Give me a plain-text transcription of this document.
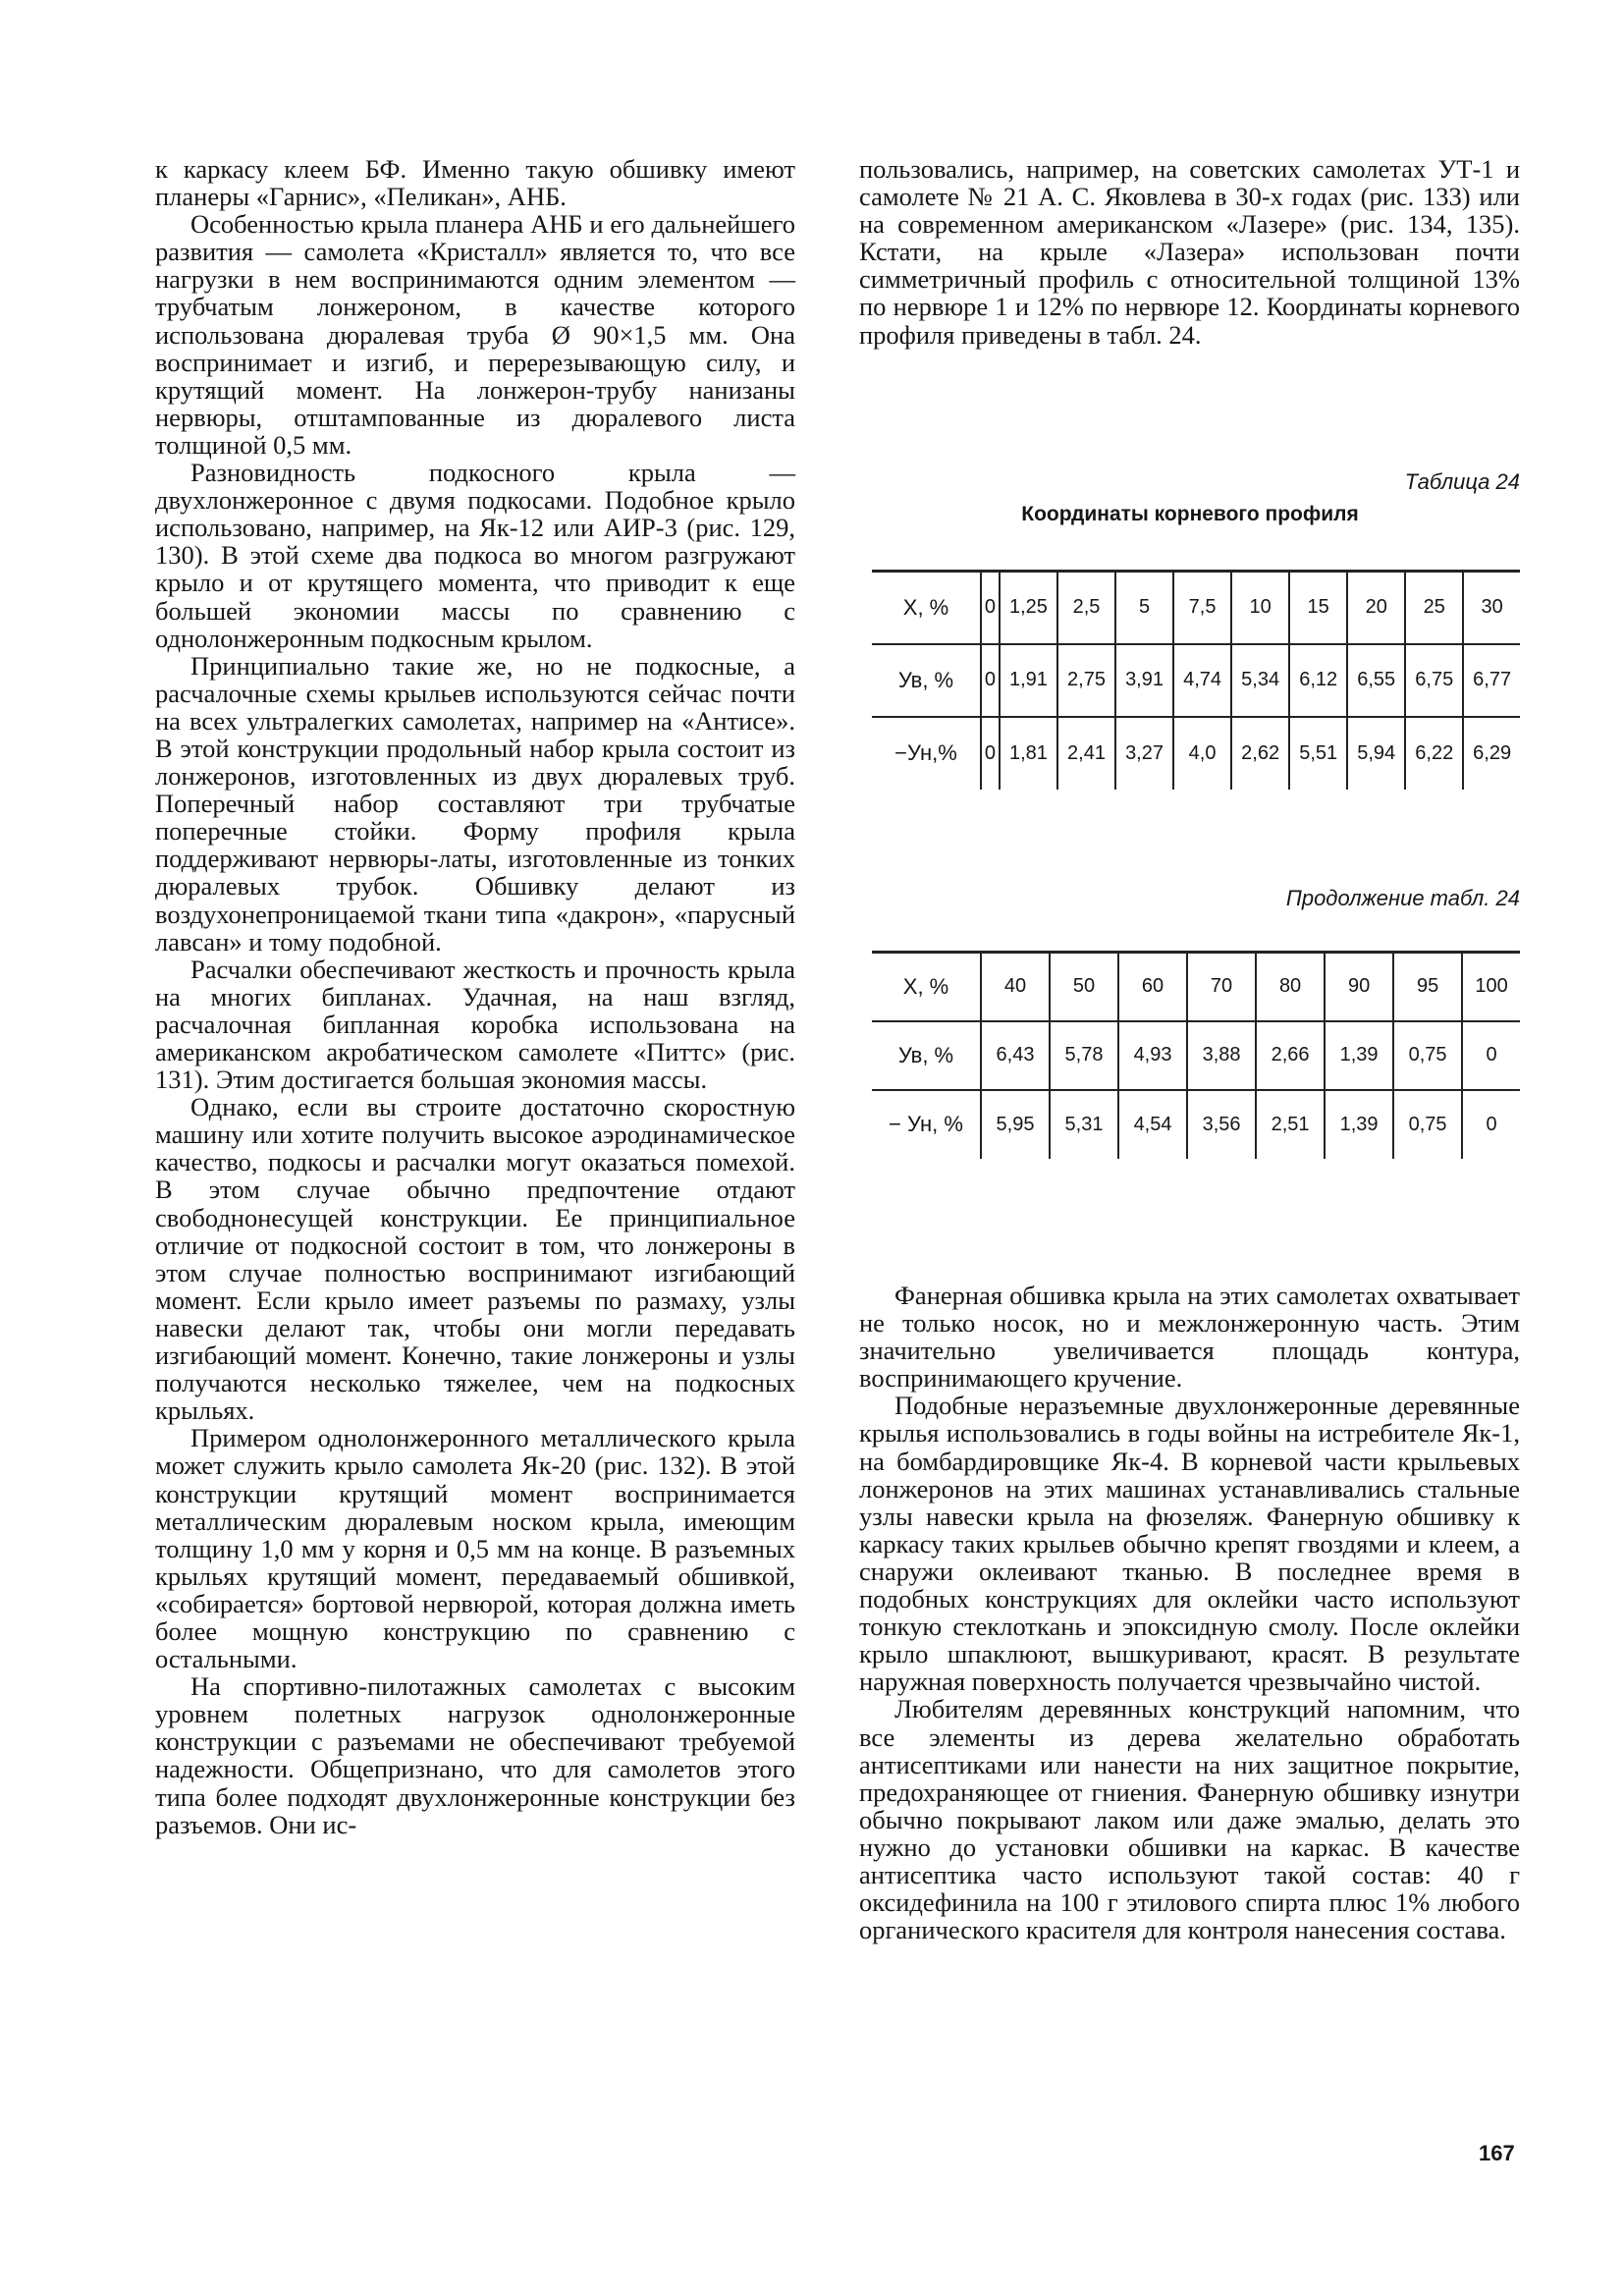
к каркасу клеем БФ. Именно такую обшивку имеют планеры «Гарнис», «Пеликан», АНБ.

Особенностью крыла планера АНБ и его дальнейшего развития — самолета «Кристалл» является то, что все нагрузки в нем воспринимаются одним элементом — трубчатым лонжероном, в качестве которого использована дюралевая труба Ø 90×1,5 мм. Она воспринимает и изгиб, и перерезывающую силу, и крутящий момент. На лонжерон-трубу нанизаны нервюры, отштампованные из дюралевого листа толщиной 0,5 мм.

Разновидность подкосного крыла — двухлонжеронное с двумя подкосами. Подобное крыло использовано, например, на Як-12 или АИР-3 (рис. 129, 130). В этой схеме два подкоса во многом разгружают крыло и от крутящего момента, что приводит к еще большей экономии массы по сравнению с однолонжеронным подкосным крылом.

Принципиально такие же, но не подкосные, а расчалочные схемы крыльев используются сейчас почти на всех ультралегких самолетах, например на «Антисе». В этой конструкции продольный набор крыла состоит из лонжеронов, изготовленных из двух дюралевых труб. Поперечный набор составляют три трубчатые поперечные стойки. Форму профиля крыла поддерживают нервюры-латы, изготовленные из тонких дюралевых трубок. Обшивку делают из воздухонепроницаемой ткани типа «дакрон», «парусный лавсан» и тому подобной.

Расчалки обеспечивают жесткость и прочность крыла на многих бипланах. Удачная, на наш взгляд, расчалочная бипланная коробка использована на американском акробатическом самолете «Питтс» (рис. 131). Этим достигается большая экономия массы.

Однако, если вы строите достаточно скоростную машину или хотите получить высокое аэродинамическое качество, подкосы и расчалки могут оказаться помехой. В этом случае обычно предпочтение отдают свободнонесущей конструкции. Ее принципиальное отличие от подкосной состоит в том, что лонжероны в этом случае полностью воспринимают изгибающий момент. Если крыло имеет разъемы по размаху, узлы навески делают так, чтобы они могли передавать изгибающий момент. Конечно, такие лонжероны и узлы получаются несколько тяжелее, чем на подкосных крыльях.

Примером однолонжеронного металлического крыла может служить крыло самолета Як-20 (рис. 132). В этой конструкции крутящий момент воспринимается металлическим дюралевым носком крыла, имеющим толщину 1,0 мм у корня и 0,5 мм на конце. В разъемных крыльях крутящий момент, передаваемый обшивкой, «собирается» бортовой нервюрой, которая должна иметь более мощную конструкцию по сравнению с остальными.

На спортивно-пилотажных самолетах с высоким уровнем полетных нагрузок однолонжеронные конструкции с разъемами не обеспечивают требуемой надежности. Общепризнано, что для самолетов этого типа более подходят двухлонжеронные конструкции без разъемов. Они ис-

пользовались, например, на советских самолетах УТ-1 и самолете № 21 А. С. Яковлева в 30-х годах (рис. 133) или на современном американском «Лазере» (рис. 134, 135). Кстати, на крыле «Лазера» использован почти симметричный профиль с относительной толщиной 13% по нервюре 1 и 12% по нервюре 12. Координаты корневого профиля приведены в табл. 24.

Таблица 24
Координаты корневого профиля
X, %	0	1,25	2,5	5	7,5	10	15	20	25	30
Ув, %	0	1,91	2,75	3,91	4,74	5,34	6,12	6,55	6,75	6,77
−Ун,%	0	1,81	2,41	3,27	4,0	2,62	5,51	5,94	6,22	6,29
Продолжение табл. 24
X, %	40	50	60	70	80	90	95	100
Ув, %	6,43	5,78	4,93	3,88	2,66	1,39	0,75	0
− Ун, %	5,95	5,31	4,54	3,56	2,51	1,39	0,75	0

Фанерная обшивка крыла на этих самолетах охватывает не только носок, но и межлонжеронную часть. Этим значительно увеличивается площадь контура, воспринимающего кручение.

Подобные неразъемные двухлонжеронные деревянные крылья использовались в годы войны на истребителе Як-1, на бомбардировщике Як-4. В корневой части крыльевых лонжеронов на этих машинах устанавливались стальные узлы навески крыла на фюзеляж. Фанерную обшивку к каркасу таких крыльев обычно крепят гвоздями и клеем, а снаружи оклеивают тканью. В последнее время в подобных конструкциях для оклейки часто используют тонкую стеклоткань и эпоксидную смолу. После оклейки крыло шпаклюют, вышкуривают, красят. В результате наружная поверхность получается чрезвычайно чистой.

Любителям деревянных конструкций напомним, что все элементы из дерева желательно обработать антисептиками или нанести на них защитное покрытие, предохраняющее от гниения. Фанерную обшивку изнутри обычно покрывают лаком или даже эмалью, делать это нужно до установки обшивки на каркас. В качестве антисептика часто используют такой состав: 40 г оксидефинила на 100 г этилового спирта плюс 1% любого органического красителя для контроля нанесения состава.

167
